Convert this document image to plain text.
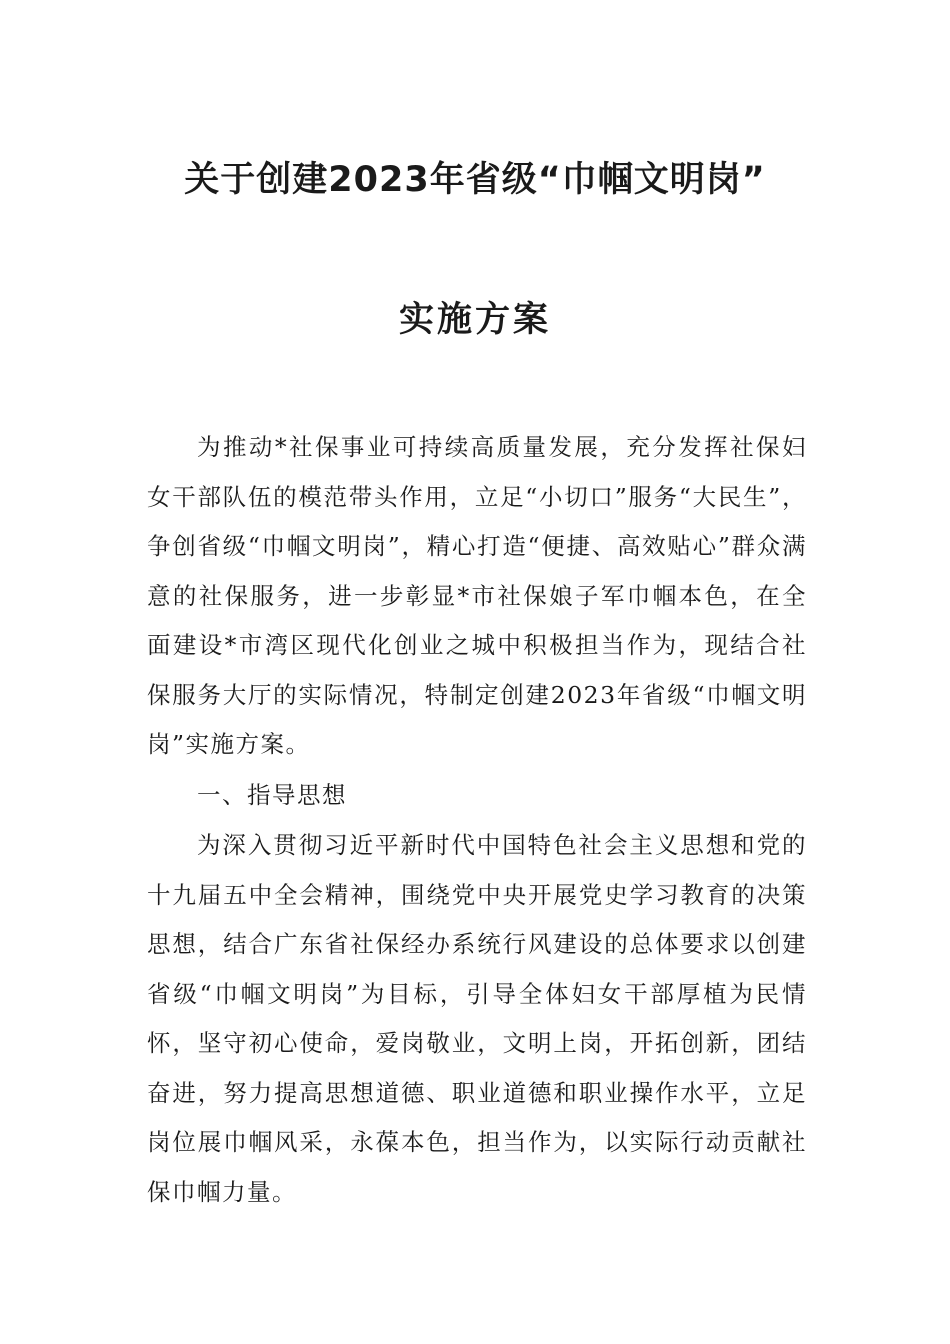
关于创建2023年省级“巾帼文明岗”
实施方案

为推动*社保事业可持续高质量发展，充分发挥社保妇女干部队伍的模范带头作用，立足“小切口”服务“大民生”，争创省级“巾帼文明岗”，精心打造“便捷、高效贴心”群众满意的社保服务，进一步彰显*市社保娘子军巾帼本色，在全面建设*市湾区现代化创业之城中积极担当作为，现结合社保服务大厅的实际情况，特制定创建2023年省级“巾帼文明岗”实施方案。

一、指导思想

为深入贯彻习近平新时代中国特色社会主义思想和党的十九届五中全会精神，围绕党中央开展党史学习教育的决策思想，结合广东省社保经办系统行风建设的总体要求以创建省级“巾帼文明岗”为目标，引导全体妇女干部厚植为民情怀，坚守初心使命，爱岗敬业，文明上岗，开拓创新，团结奋进，努力提高思想道德、职业道德和职业操作水平，立足岗位展巾帼风采，永葆本色，担当作为，以实际行动贡献社保巾帼力量。
